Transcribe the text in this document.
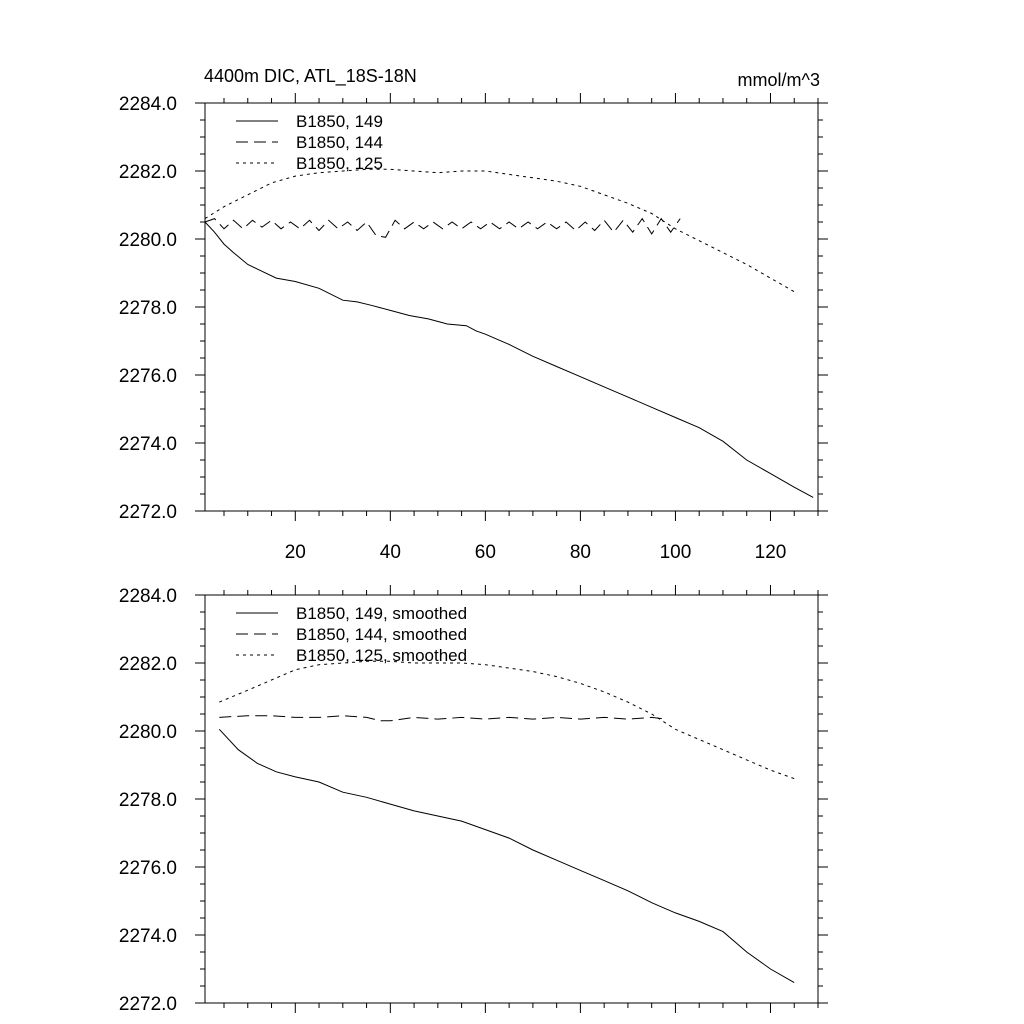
4400m DIC, ATL_18S-18N	mmol/m^3
20	40	60	80	100	120
2272.0
2274.0
2276.0
2278.0
2280.0
2282.0
2284.0
B1850, 149
B1850, 144
B1850, 125
2272.0
2274.0
2276.0
2278.0
2280.0
2282.0
2284.0
B1850, 149, smoothed
B1850, 144, smoothed
B1850, 125, smoothed
